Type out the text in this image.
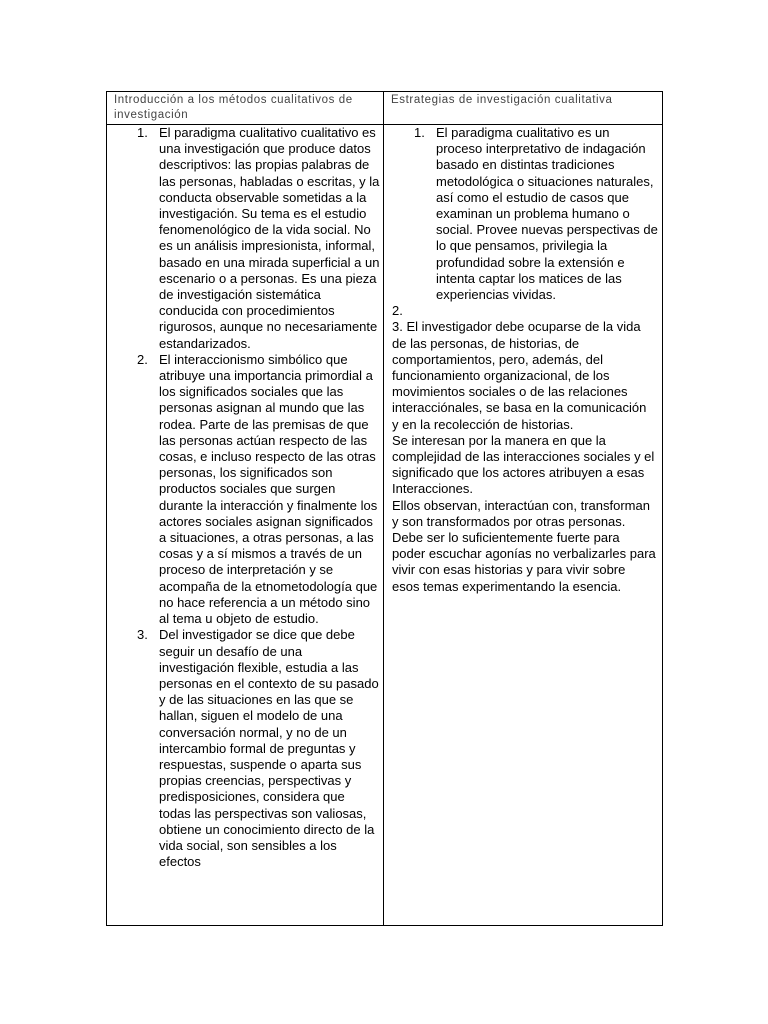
Introducción a los métodos cualitativos de investigación
Estrategias de investigación cualitativa
1. El paradigma cualitativo cualitativo es una investigación que produce datos descriptivos: las propias palabras de las personas, habladas o escritas, y la conducta observable sometidas a la investigación. Su tema es el estudio fenomenológico de la vida social. No es un análisis impresionista, informal, basado en una mirada superficial a un escenario o a personas. Es una pieza de investigación sistemática conducida con procedimientos rigurosos, aunque no necesariamente estandarizados.
2. El interaccionismo simbólico que atribuye una importancia primordial a los significados sociales que las personas asignan al mundo que las rodea. Parte de las premisas de que las personas actúan respecto de las cosas, e incluso respecto de las otras personas, los significados son productos sociales que surgen durante la interacción y finalmente los actores sociales asignan significados a situaciones, a otras personas, a las cosas y a sí mismos a través de un proceso de interpretación y se acompaña de la etnometodología que no hace referencia a un método sino al tema u objeto de estudio.
3. Del investigador se dice que debe seguir un desafío de una investigación flexible, estudia a las personas en el contexto de su pasado y de las situaciones en las que se hallan, siguen el modelo de una conversación normal, y no de un intercambio formal de preguntas y respuestas, suspende o aparta sus propias creencias, perspectivas y predisposiciones, considera que todas las perspectivas son valiosas, obtiene un conocimiento directo de la vida social, son sensibles a los efectos
1. El paradigma cualitativo es un proceso interpretativo de indagación basado en distintas tradiciones metodológica o situaciones naturales, así como el estudio de casos que examinan un problema humano o social. Provee nuevas perspectivas de lo que pensamos, privilegia la profundidad sobre la extensión e intenta captar los matices de las experiencias vividas.

2.

3. El investigador debe ocuparse de la vida de las personas, de historias, de comportamientos, pero, además, del funcionamiento organizacional, de los movimientos sociales o de las relaciones interacciónales, se basa en la comunicación y en la recolección de historias.

Se interesan por la manera en que la complejidad de las interacciones sociales y el significado que los actores atribuyen a esas

Interacciones.

Ellos observan, interactúan con, transforman y son transformados por otras personas.

Debe ser lo suficientemente fuerte para poder escuchar agonías no verbalizarles para vivir con esas historias y para vivir sobre esos temas experimentando la esencia.
